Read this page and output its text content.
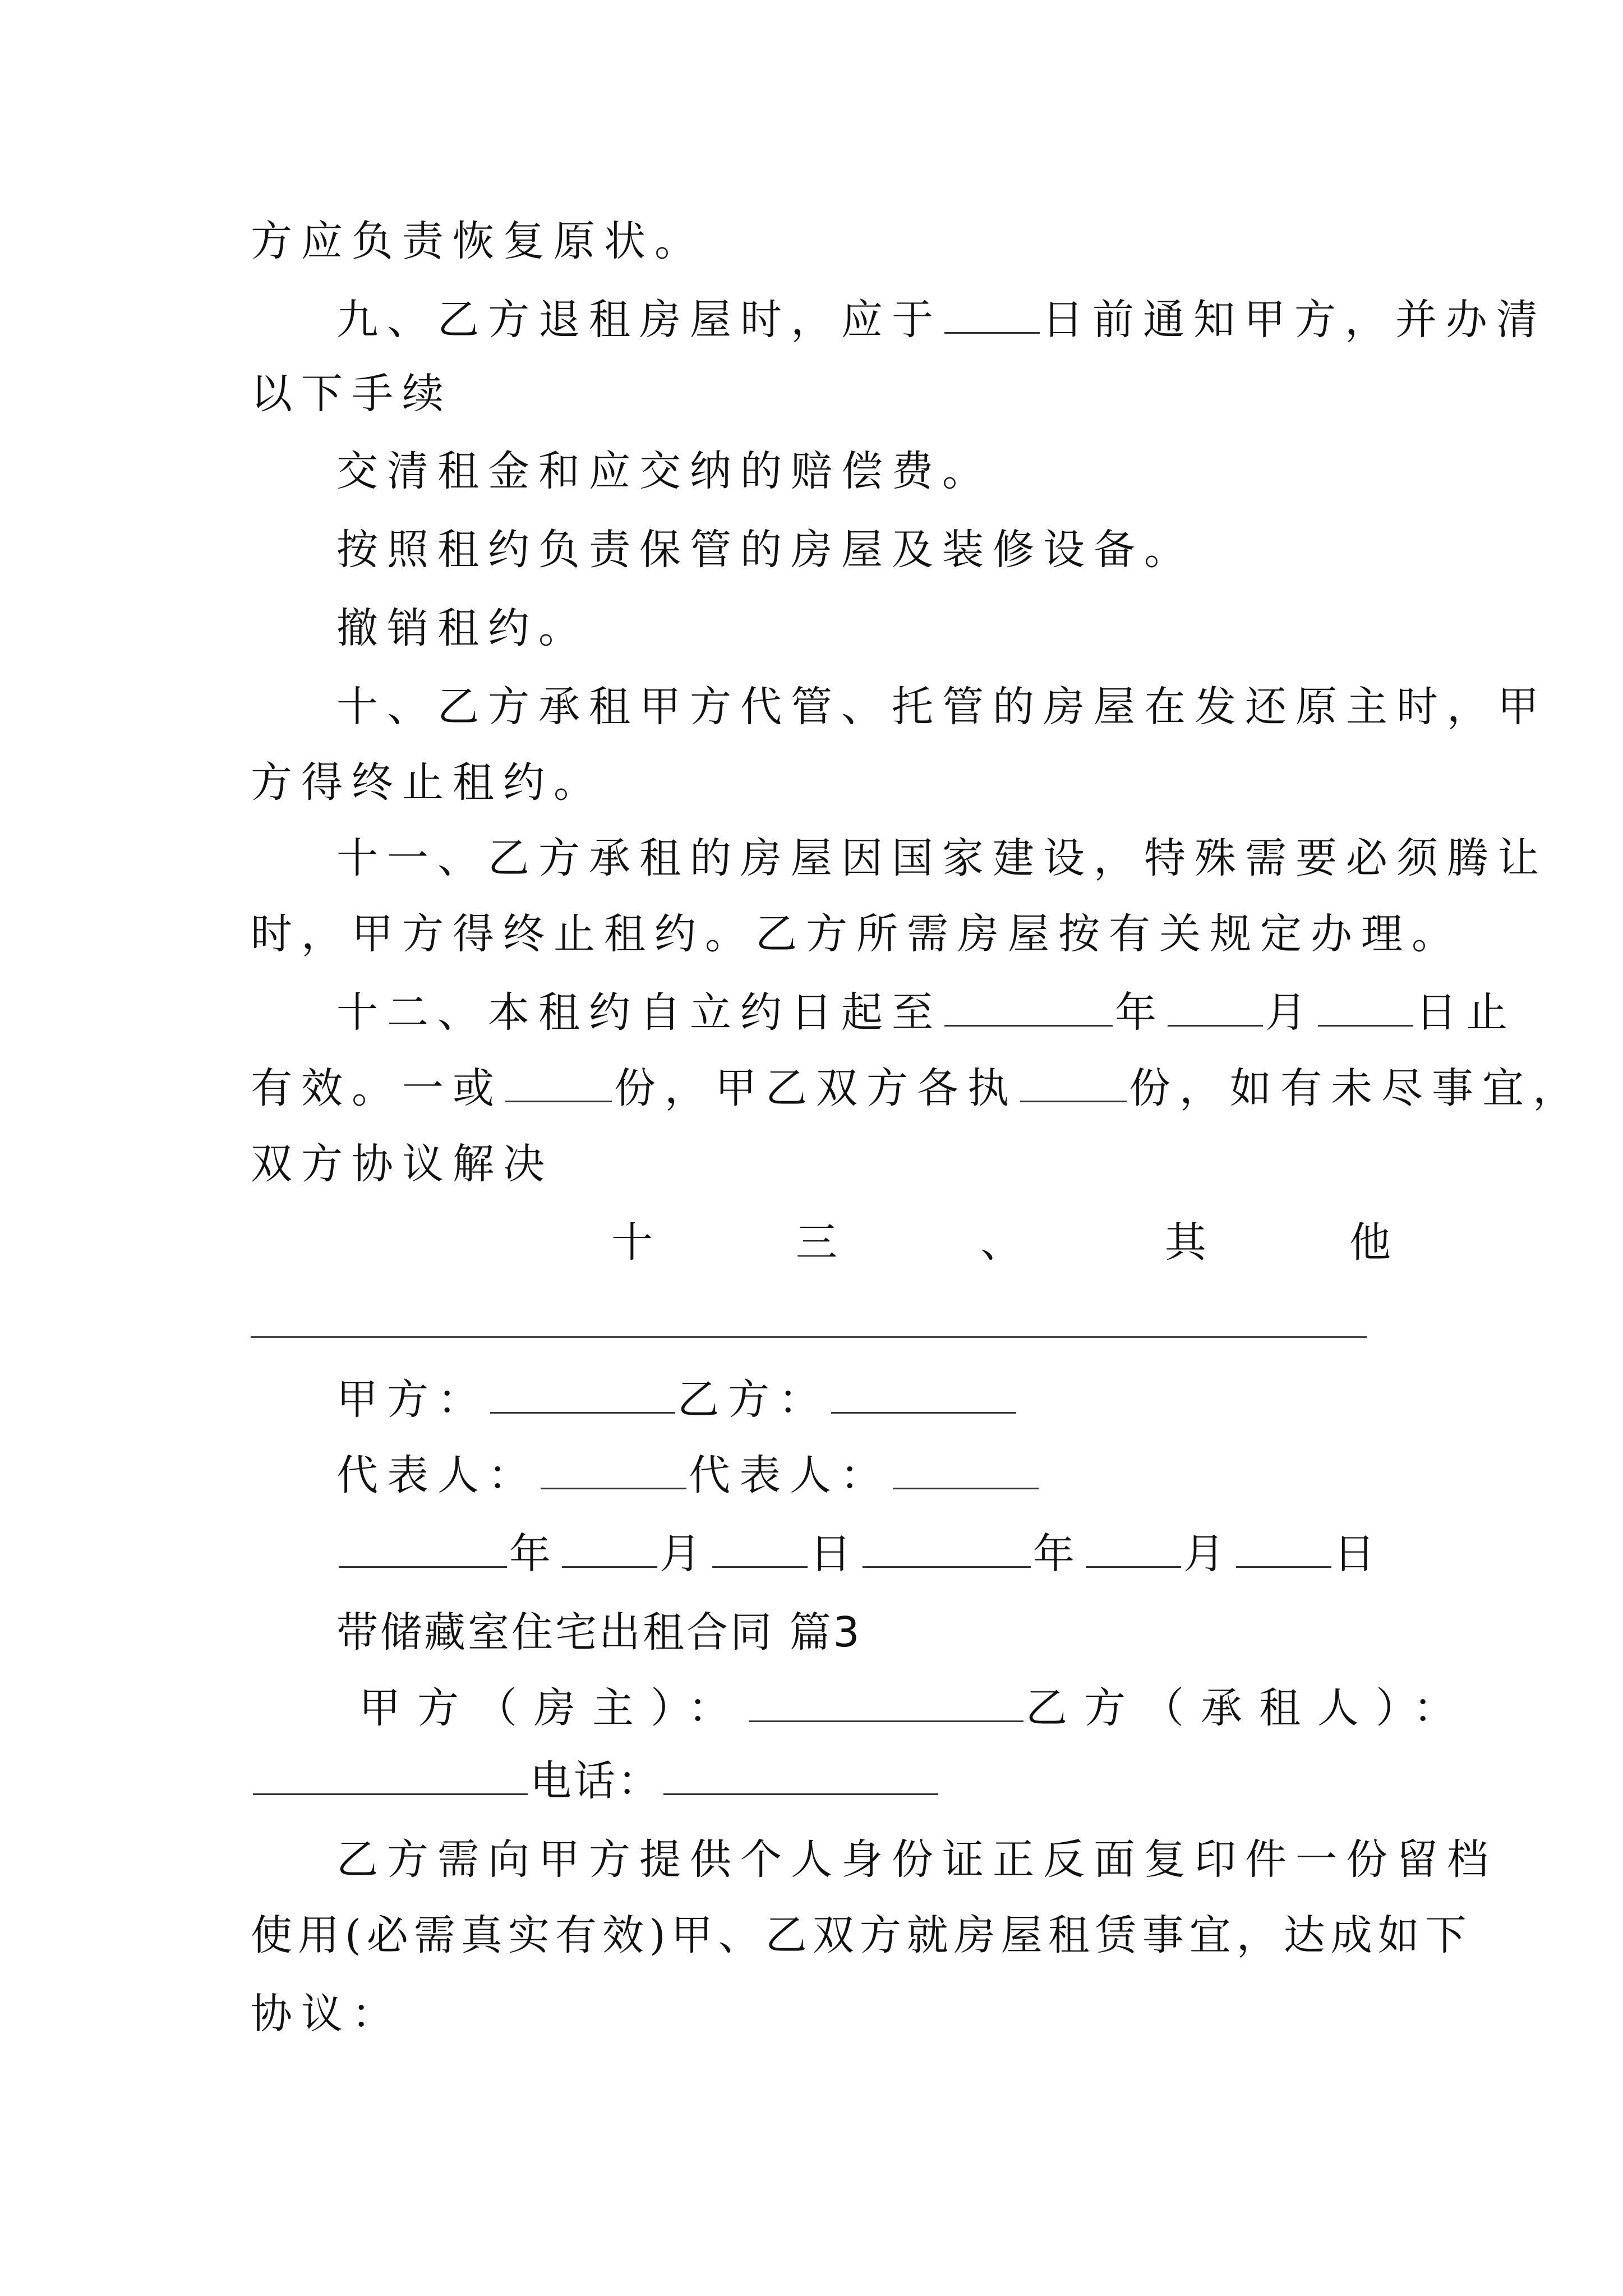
方应负责恢复原状。
九、乙方退租房屋时，应于 日前通知甲方，并办清
以下手续
交清租金和应交纳的赔偿费。
按照租约负责保管的房屋及装修设备。
撤销租约。
十、乙方承租甲方代管、托管的房屋在发还原主时，甲
方得终止租约。
十一、乙方承租的房屋因国家建设，特殊需要必须腾让
时，甲方得终止租约。乙方所需房屋按有关规定办理。
十二、本租约自立约日起至	年 月 日止
有效。一或	份，甲乙双方各执	份，如有未尽事宜，
双方协议解决
十	三	、	其	他
甲方：	乙方：
代表人：	代表人：
年 月 日	年 月 日
带储藏室住宅出租合同 篇3
甲方（房主）：	乙方（承租人）：
电话：
乙方需向甲方提供个人身份证正反面复印件一份留档
使用(必需真实有效)甲、乙双方就房屋租赁事宜，达成如下
协议：
